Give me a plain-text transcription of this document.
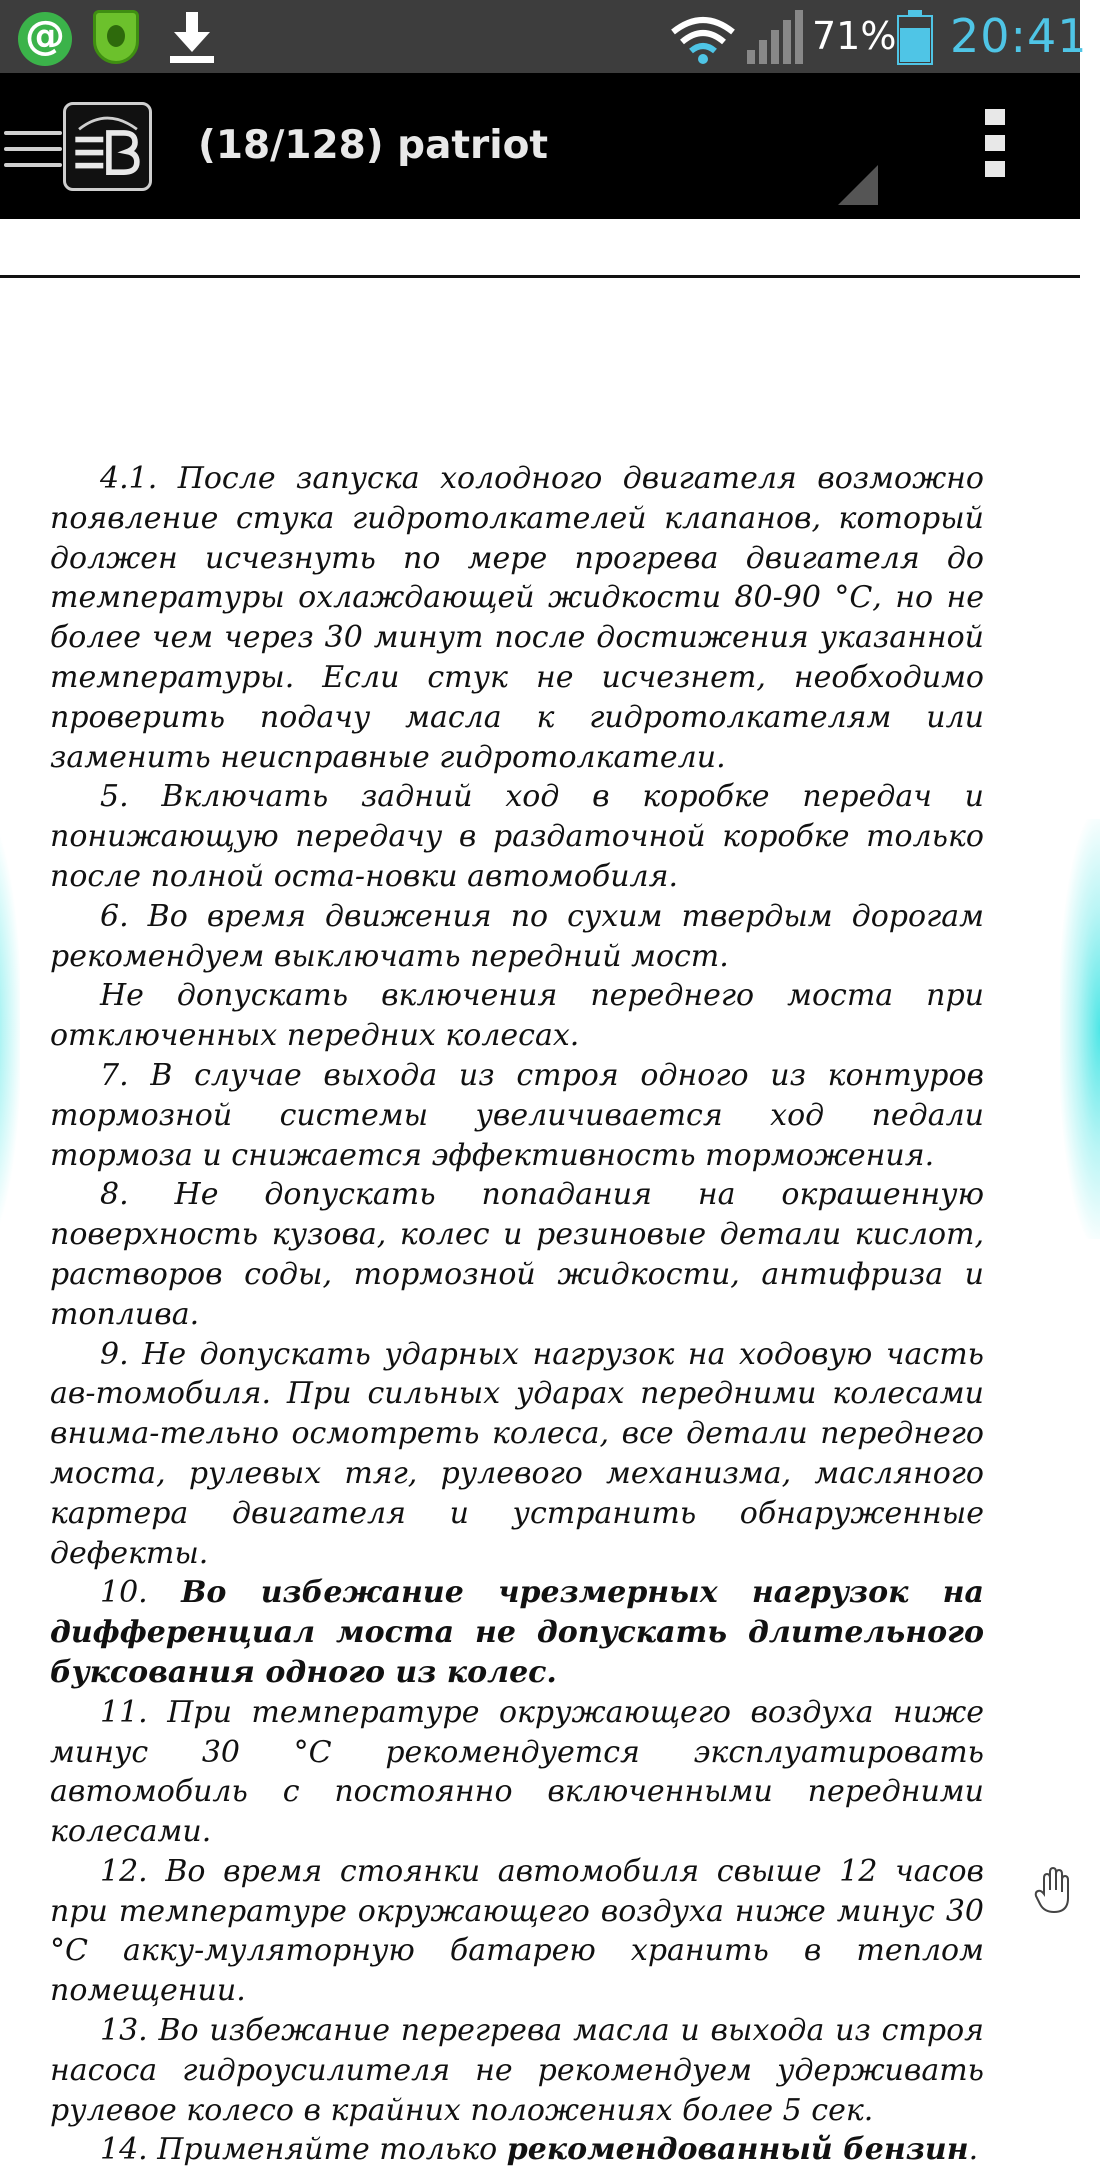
@
71% 20:41
(18/128) patriot

4.1. После запуска холодного двигателя возможно появление стука гидротолкателей клапанов, который должен исчезнуть по мере прогрева двигателя до температуры охлаждающей жидкости 80-90 °С, но не более чем через 30 минут после достижения указанной температуры. Если стук не исчезнет, необходимо проверить подачу масла к гидротолкателям или заменить неисправные гидротолкатели.

5. Включать задний ход в коробке передач и понижающую передачу в раздаточной коробке только после полной оста-новки автомобиля.

6. Во время движения по сухим твердым дорогам рекомендуем выключать передний мост.

Не допускать включения переднего моста при отключенных передних колесах.

7. В случае выхода из строя одного из контуров тормозной системы увеличивается ход педали тормоза и снижается эффективность торможения.

8. Не допускать попадания на окрашенную поверхность кузова, колес и резиновые детали кислот, растворов соды, тормозной жидкости, антифриза и топлива.

9. Не допускать ударных нагрузок на ходовую часть ав-томобиля. При сильных ударах передними колесами внима-тельно осмотреть колеса, все детали переднего моста, рулевых тяг, рулевого механизма, масляного картера двигателя и устранить обнаруженные дефекты.

10. Во избежание чрезмерных нагрузок на дифференциал моста не допускать длительного буксования одного из колес.

11. При температуре окружающего воздуха ниже минус 30 °С рекомендуется эксплуатировать автомобиль с постоянно включенными передними колесами.

12. Во время стоянки автомобиля свыше 12 часов при температуре окружающего воздуха ниже минус 30 °С акку-муляторную батарею хранить в теплом помещении.

13. Во избежание перегрева масла и выхода из строя насоса гидроусилителя не рекомендуем удерживать рулевое колесо в крайних положениях более 5 сек.

14. Применяйте только рекомендованный бензин.
